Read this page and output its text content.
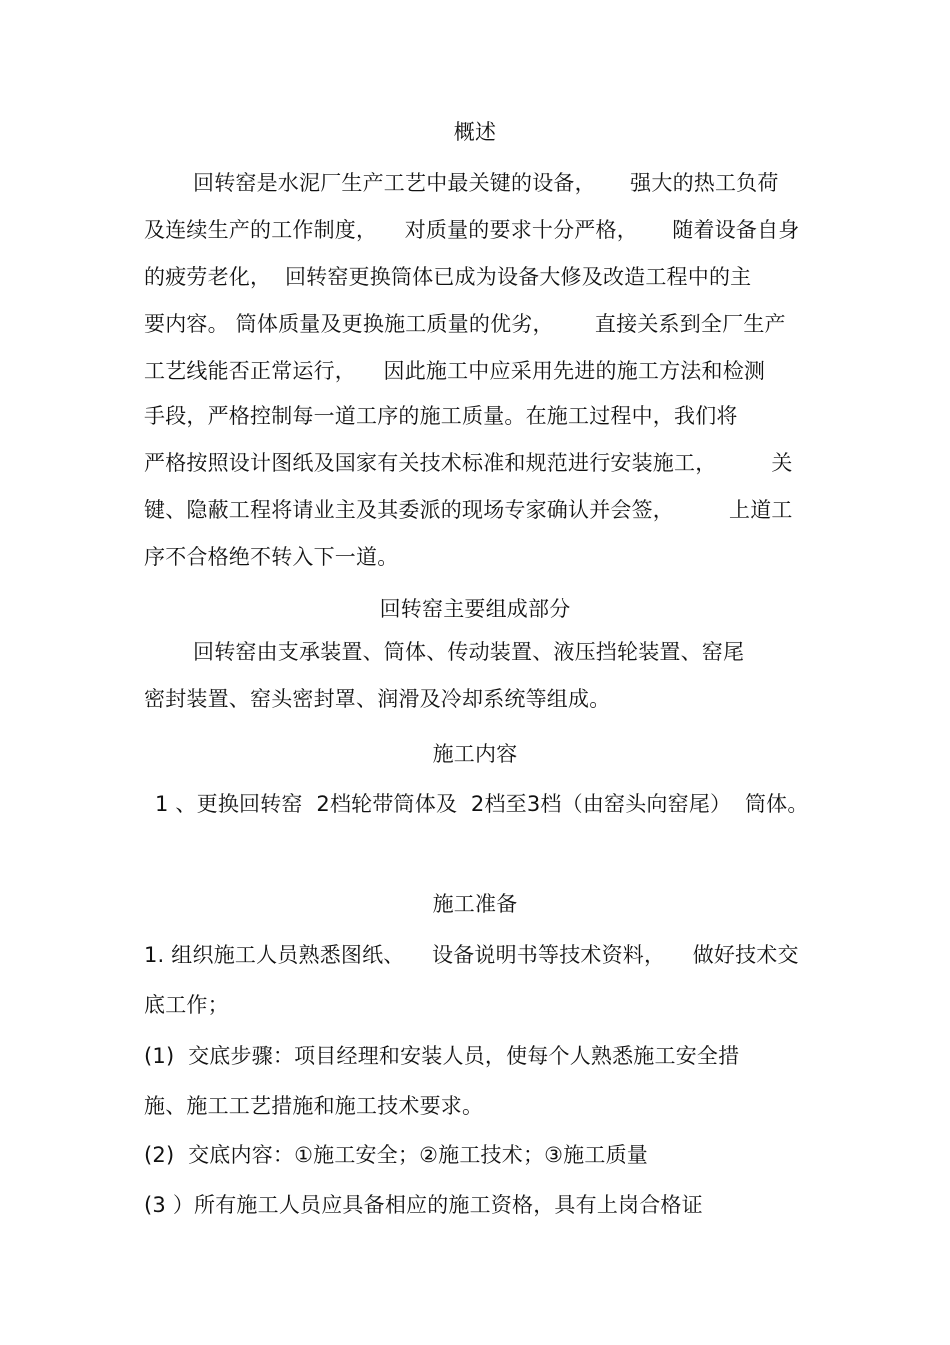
概述
回转窑是水泥厂生产工艺中最关键的设备，     强大的热工负荷
及连续生产的工作制度，    对质量的要求十分严格，     随着设备自身
的疲劳老化，  回转窑更换筒体已成为设备大修及改造工程中的主
要内容。 筒体质量及更换施工质量的优劣，      直接关系到全厂生产
工艺线能否正常运行，    因此施工中应采用先进的施工方法和检测
手段，严格控制每一道工序的施工质量。在施工过程中，我们将
严格按照设计图纸及国家有关技术标准和规范进行安装施工，        关
键、隐蔽工程将请业主及其委派的现场专家确认并会签，        上道工
序不合格绝不转入下一道。
回转窑主要组成部分
回转窑由支承装置、筒体、传动装置、液压挡轮装置、窑尾
密封装置、窑头密封罩、润滑及冷却系统等组成。
施工内容
1 、更换回转窑  2档轮带筒体及  2档至3档（由窑头向窑尾）  筒体。
施工准备
1. 组织施工人员熟悉图纸、    设备说明书等技术资料，    做好技术交
底工作；
(1)  交底步骤：项目经理和安装人员，使每个人熟悉施工安全措
施、施工工艺措施和施工技术要求。
(2)  交底内容：①施工安全；②施工技术；③施工质量
(3 ）所有施工人员应具备相应的施工资格，具有上岗合格证
